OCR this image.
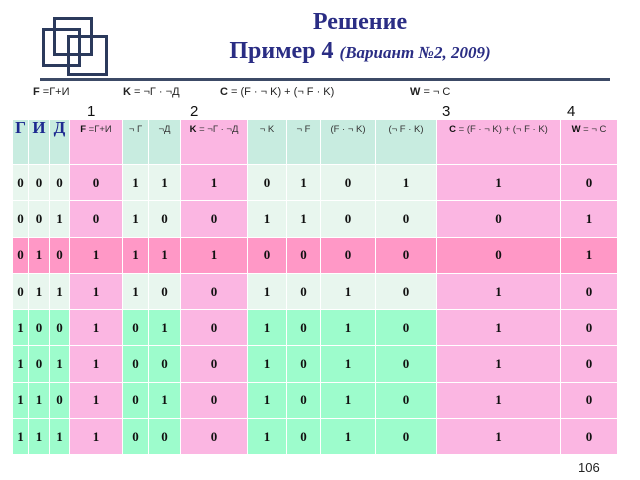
Решение
Пример 4 (Вариант №2, 2009)
F =Г+И	K = ¬Г · ¬Д	C = (F · ¬ K) + (¬ F · K)	W = ¬ C
1	2	3	4
Г	И	Д	F =Г+И	¬ Г	¬Д	K = ¬Г · ¬Д	¬ K	¬ F	(F · ¬ K)	(¬ F · K)	C = (F · ¬ K) + (¬ F · K)	W = ¬ C
0	0	0	0	1	1	1	0	1	0	1	1	0
0	0	1	0	1	0	0	1	1	0	0	0	1
0	1	0	1	1	1	1	0	0	0	0	0	1
0	1	1	1	1	0	0	1	0	1	0	1	0
1	0	0	1	0	1	0	1	0	1	0	1	0
1	0	1	1	0	0	0	1	0	1	0	1	0
1	1	0	1	0	1	0	1	0	1	0	1	0
1	1	1	1	0	0	0	1	0	1	0	1	0
106
